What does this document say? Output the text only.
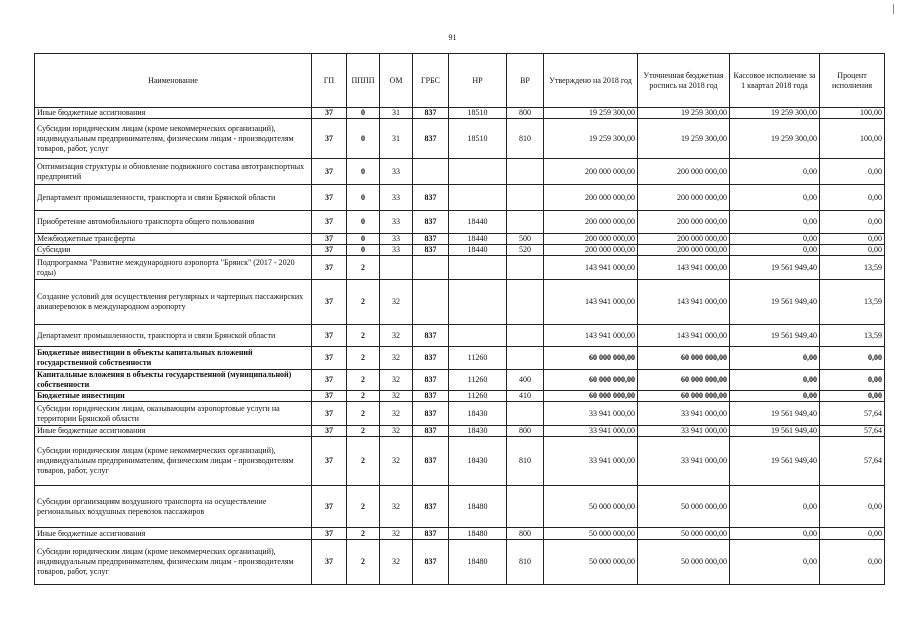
91
Наименование	ГП	ПППП	ОМ	ГРБС	НР	ВР	Утверждено на 2018 год	Уточненная бюджетная роспись на 2018 год	Кассовое исполнение за 1 квартал 2018 года	Процент исполнения
Иные бюджетные ассигнования	37	0	31	837	18510	800	19 259 300,00	19 259 300,00	19 259 300,00	100,00
Субсидии юридическим лицам (кроме некоммерческих организаций), индивидуальным предпринимателям, физическим лицам - производителям товаров, работ, услуг	37	0	31	837	18510	810	19 259 300,00	19 259 300,00	19 259 300,00	100,00
Оптимизация структуры и обновление подвижного состава автотранспортных предприятий	37	0	33				200 000 000,00	200 000 000,00	0,00	0,00
Департамент промышленности, транспорта и связи Брянской области	37	0	33	837			200 000 000,00	200 000 000,00	0,00	0,00
Приобретение автомобильного транспорта общего пользования	37	0	33	837	18440		200 000 000,00	200 000 000,00	0,00	0,00
Межбюджетные трансферты	37	0	33	837	18440	500	200 000 000,00	200 000 000,00	0,00	0,00
Субсидии	37	0	33	837	18440	520	200 000 000,00	200 000 000,00	0,00	0,00
Подпрограмма "Развитие международного аэропорта "Брянск" (2017 - 2020 годы)	37	2					143 941 000,00	143 941 000,00	19 561 949,40	13,59
Создание условий для осуществления регулярных и чартерных пассажирских авиаперевозок в международном аэропорту	37	2	32				143 941 000,00	143 941 000,00	19 561 949,40	13,59
Департамент промышленности, транспорта и связи Брянской области	37	2	32	837			143 941 000,00	143 941 000,00	19 561 949,40	13,59
Бюджетные инвестиции в объекты капитальных вложений государственной собственности	37	2	32	837	11260		60 000 000,00	60 000 000,00	0,00	0,00
Капитальные вложения в объекты государственной (муниципальной) собственности	37	2	32	837	11260	400	60 000 000,00	60 000 000,00	0,00	0,00
Бюджетные инвестиции	37	2	32	837	11260	410	60 000 000,00	60 000 000,00	0,00	0,00
Субсидии юридическим лицам, оказывающим аэропортовые услуги на территории Брянской области	37	2	32	837	18430		33 941 000,00	33 941 000,00	19 561 949,40	57,64
Иные бюджетные ассигнования	37	2	32	837	18430	800	33 941 000,00	33 941 000,00	19 561 949,40	57,64
Субсидии юридическим лицам (кроме некоммерческих организаций), индивидуальным предпринимателям, физическим лицам - производителям товаров, работ, услуг	37	2	32	837	18430	810	33 941 000,00	33 941 000,00	19 561 949,40	57,64
Субсидии организациям воздушного транспорта на осуществление региональных воздушных перевозок пассажиров	37	2	32	837	18480		50 000 000,00	50 000 000,00	0,00	0,00
Иные бюджетные ассигнования	37	2	32	837	18480	800	50 000 000,00	50 000 000,00	0,00	0,00
Субсидии юридическим лицам (кроме некоммерческих организаций), индивидуальным предпринимателям, физическим лицам - производителям товаров, работ, услуг	37	2	32	837	18480	810	50 000 000,00	50 000 000,00	0,00	0,00
